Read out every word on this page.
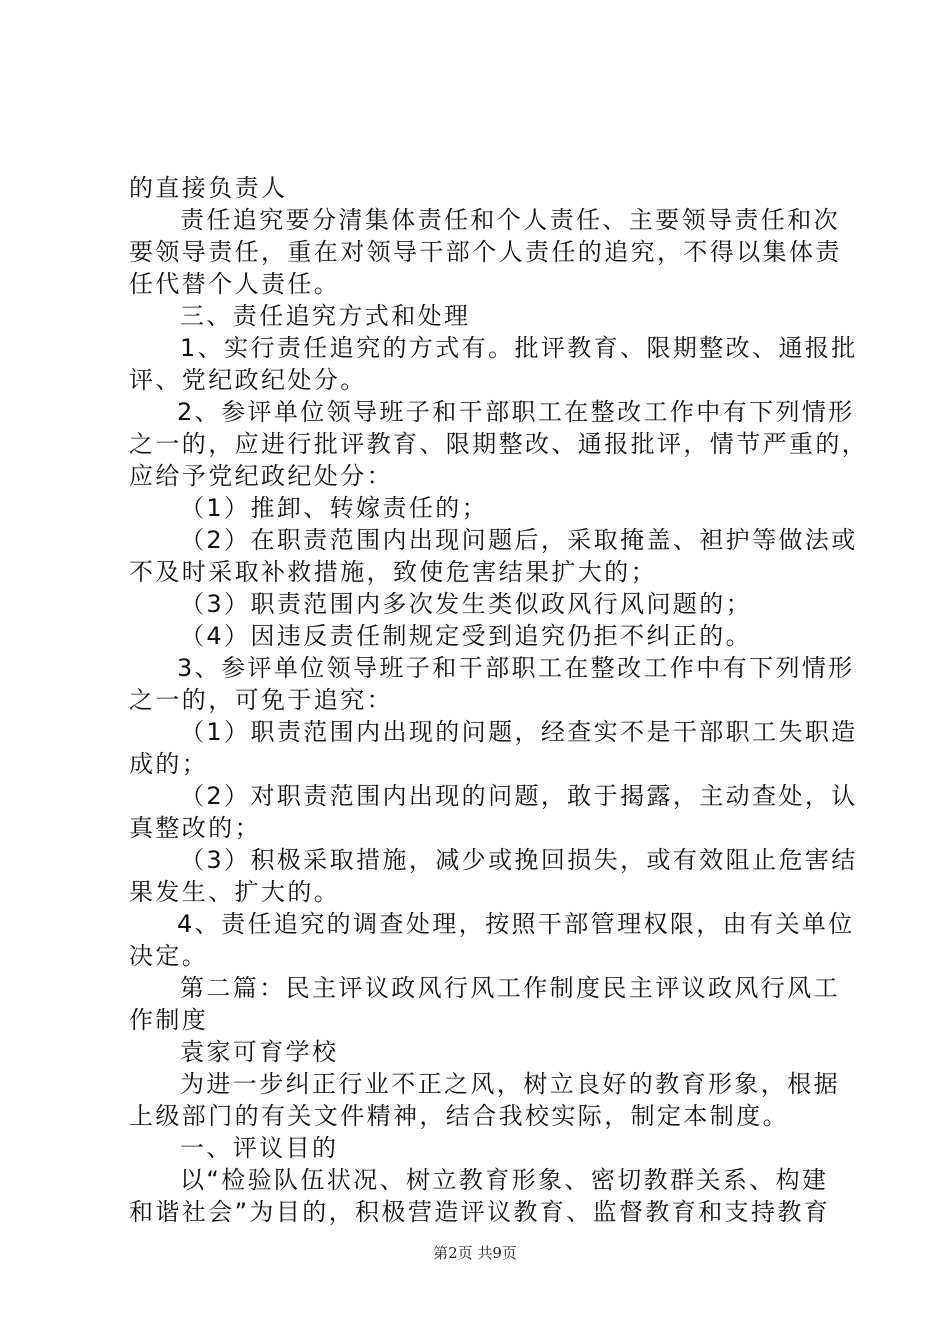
的直接负责人
责任追究要分清集体责任和个人责任、主要领导责任和次
要领导责任，重在对领导干部个人责任的追究，不得以集体责
任代替个人责任。
三、责任追究方式和处理
1、实行责任追究的方式有。批评教育、限期整改、通报批
评、党纪政纪处分。
2、参评单位领导班子和干部职工在整改工作中有下列情形
之一的，应进行批评教育、限期整改、通报批评，情节严重的，
应给予党纪政纪处分：
（1）推卸、转嫁责任的；
（2）在职责范围内出现问题后，采取掩盖、袒护等做法或
不及时采取补救措施，致使危害结果扩大的；
（3）职责范围内多次发生类似政风行风问题的；
（4）因违反责任制规定受到追究仍拒不纠正的。
3、参评单位领导班子和干部职工在整改工作中有下列情形
之一的，可免于追究：
（1）职责范围内出现的问题，经查实不是干部职工失职造
成的；
（2）对职责范围内出现的问题，敢于揭露，主动查处，认
真整改的；
（3）积极采取措施，减少或挽回损失，或有效阻止危害结
果发生、扩大的。
4、责任追究的调查处理，按照干部管理权限，由有关单位
决定。
第二篇：民主评议政风行风工作制度民主评议政风行风工
作制度
袁家可育学校
为进一步纠正行业不正之风，树立良好的教育形象，根据
上级部门的有关文件精神，结合我校实际，制定本制度。
一、评议目的
以“检验队伍状况、树立教育形象、密切教群关系、构建
和谐社会”为目的，积极营造评议教育、监督教育和支持教育
第2页 共9页
